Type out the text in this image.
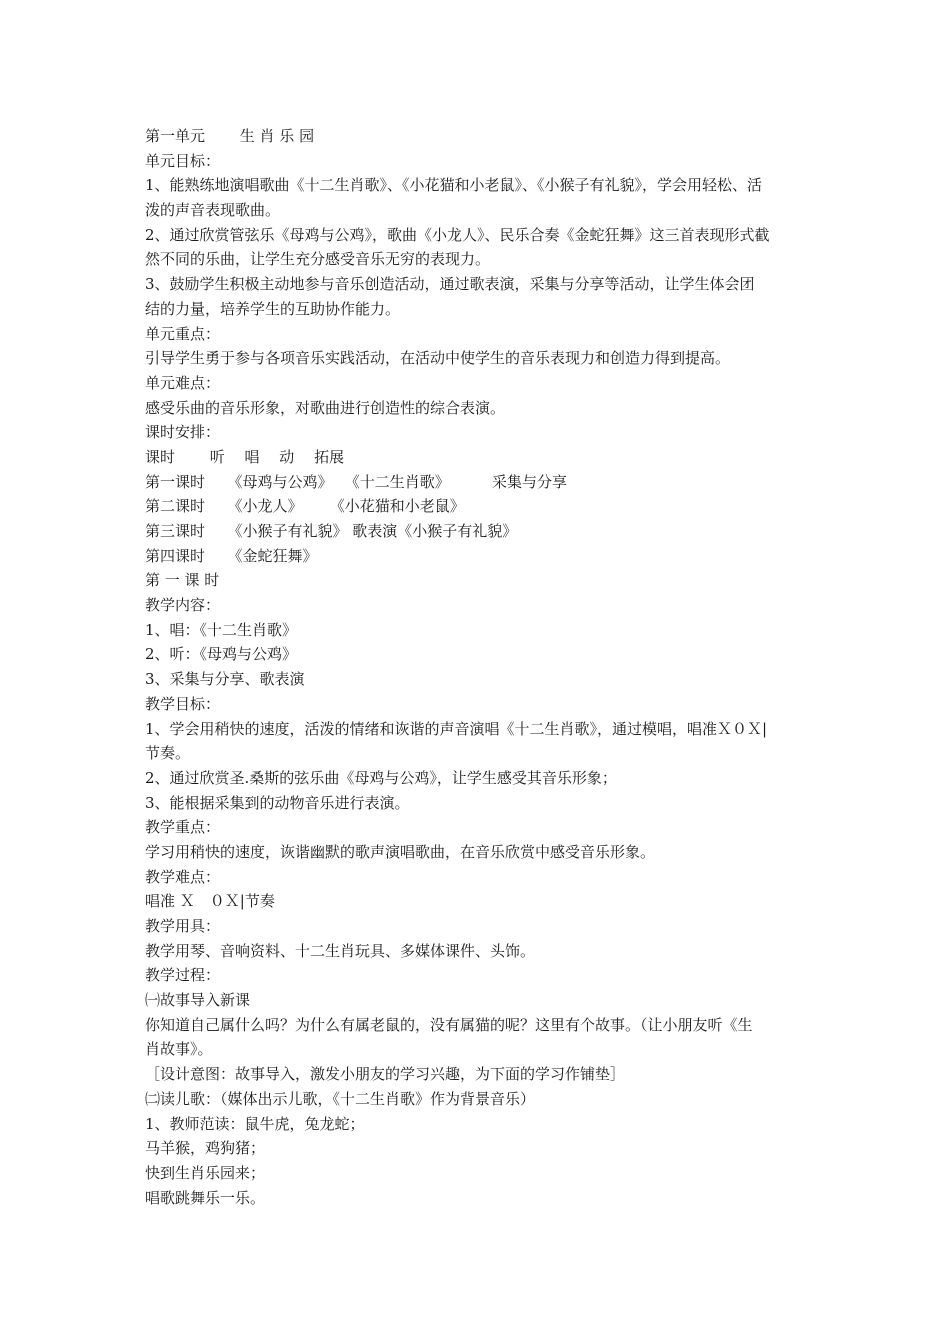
第一单元　　 生 肖 乐 园
单元目标：
1、能熟练地演唱歌曲《十二生肖歌》、《小花猫和小老鼠》、《小猴子有礼貌》，学会用轻松、活
泼的声音表现歌曲。
2、通过欣赏管弦乐《母鸡与公鸡》，歌曲《小龙人》、民乐合奏《金蛇狂舞》这三首表现形式截
然不同的乐曲，让学生充分感受音乐无穷的表现力。
3、鼓励学生积极主动地参与音乐创造活动，通过歌表演，采集与分享等活动，让学生体会团
结的力量，培养学生的互助协作能力。
单元重点：
引导学生勇于参与各项音乐实践活动，在活动中使学生的音乐表现力和创造力得到提高。
单元难点：
感受乐曲的音乐形象，对歌曲进行创造性的综合表演。
课时安排：
课时　　 听　 唱　 动　 拓展
第一课时　　《母鸡与公鸡》　 《十二生肖歌》　　　 采集与分享
第二课时　　《小龙人》　　 《小花猫和小老鼠》
第三课时　　《小猴子有礼貌》 歌表演《小猴子有礼貌》
第四课时　　《金蛇狂舞》
第 一 课 时
教学内容：
1、唱：《十二生肖歌》
2、听：《母鸡与公鸡》
3、采集与分享、歌表演
教学目标：
1、学会用稍快的速度，活泼的情绪和诙谐的声音演唱《十二生肖歌》，通过模唱，唱准Ｘ０Ｘ|
节奏。
2、通过欣赏圣.桑斯的弦乐曲《母鸡与公鸡》，让学生感受其音乐形象；
3、能根据采集到的动物音乐进行表演。
教学重点：
学习用稍快的速度，诙谐幽默的歌声演唱歌曲，在音乐欣赏中感受音乐形象。
教学难点：
唱准 Ｘ　０Ｘ|节奏
教学用具：
教学用琴、音响资料、十二生肖玩具、多媒体课件、头饰。
教学过程：
㈠故事导入新课
你知道自己属什么吗？为什么有属老鼠的，没有属猫的呢？这里有个故事。（让小朋友听《生
肖故事》。
［设计意图：故事导入，激发小朋友的学习兴趣，为下面的学习作铺垫］
㈡读儿歌：（媒体出示儿歌，《十二生肖歌》作为背景音乐）
1、教师范读：鼠牛虎，兔龙蛇；
马羊猴，鸡狗猪；
快到生肖乐园来；
唱歌跳舞乐一乐。
